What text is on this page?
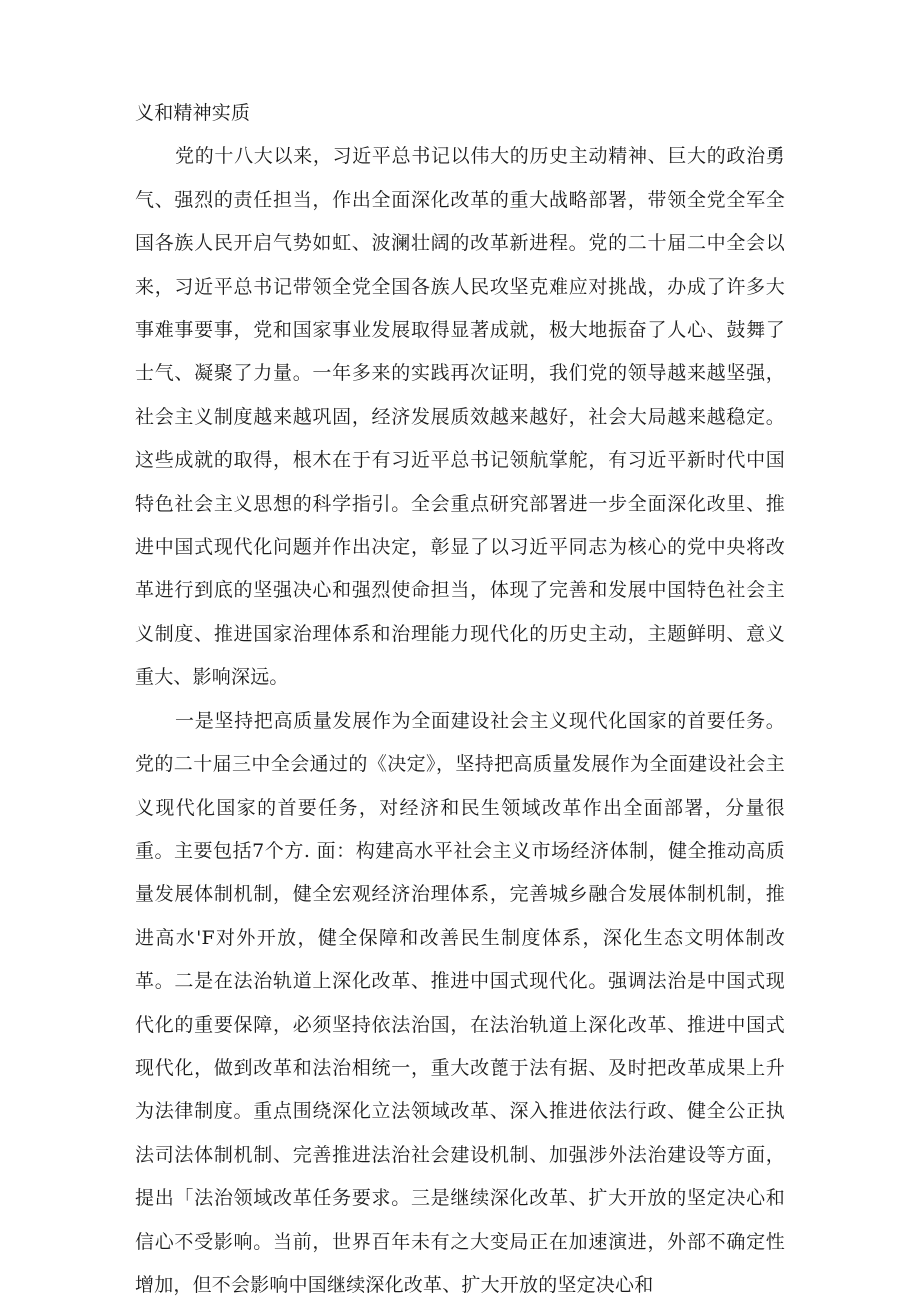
义和精神实质

党的十八大以来，习近平总书记以伟大的历史主动精神、巨大的政治勇气、强烈的责任担当，作出全面深化改革的重大战略部署，带领全党全军全国各族人民开启气势如虹、波澜壮阔的改革新进程。党的二十届二中全会以来，习近平总书记带领全党全国各族人民攻坚克难应对挑战，办成了许多大事难事要事，党和国家事业发展取得显著成就，极大地振奋了人心、鼓舞了士气、凝聚了力量。一年多来的实践再次证明，我们党的领导越来越坚强，社会主义制度越来越巩固，经济发展质效越来越好，社会大局越来越稳定。这些成就的取得，根木在于有习近平总书记领航掌舵，有习近平新时代中国特色社会主义思想的科学指引。全会重点研究部署进一步全面深化改里、推进中国式现代化问题并作出决定，彰显了以习近平同志为核心的党中央将改革进行到底的坚强决心和强烈使命担当，体现了完善和发展中国特色社会主义制度、推进国家治理体系和治理能力现代化的历史主动，主题鲜明、意义重大、影响深远。

一是坚持把高质量发展作为全面建设社会主义现代化国家的首要任务。党的二十届三中全会通过的《决定》，坚持把高质量发展作为全面建设社会主义现代化国家的首要任务，对经济和民生领域改革作出全面部署，分量很重。主要包括7个方. 面：构建高水平社会主义市场经济体制，健全推动高质量发展体制机制，健全宏观经济治理体系，完善城乡融合发展体制机制，推进高水'F对外开放，健全保障和改善民生制度体系，深化生态文明体制改革。二是在法治轨道上深化改革、推进中国式现代化。强调法治是中国式现代化的重要保障，必须坚持依法治国，在法治轨道上深化改革、推进中国式现代化，做到改革和法治相统一，重大改蓖于法有据、及时把改革成果上升为法律制度。重点围绕深化立法领域改革、深入推进依法行政、健全公正执法司法体制机制、完善推进法治社会建设机制、加强涉外法治建设等方面，提出「法治领域改革任务要求。三是继续深化改革、扩大开放的坚定决心和信心不受影响。当前，世界百年未有之大变局正在加速演进，外部不确定性增加，但不会影响中国继续深化改革、扩大开放的坚定决心和
